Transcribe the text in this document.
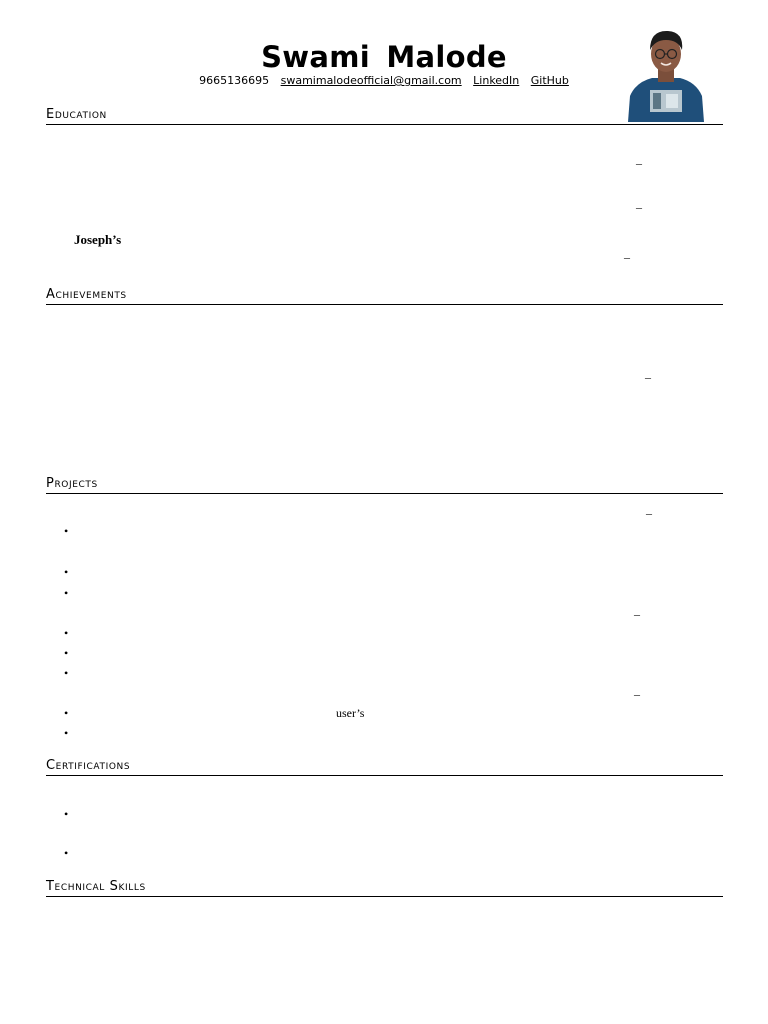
Swami Malode
9665136695 swamimalodeofficial@gmail.com LinkedIn GitHub
Education
–
–
Joseph’s
–
Achievements
–
Projects
–
•
•
•
–
•
•
•
–
•	user’s
•
Certifications
•
•
Technical Skills
